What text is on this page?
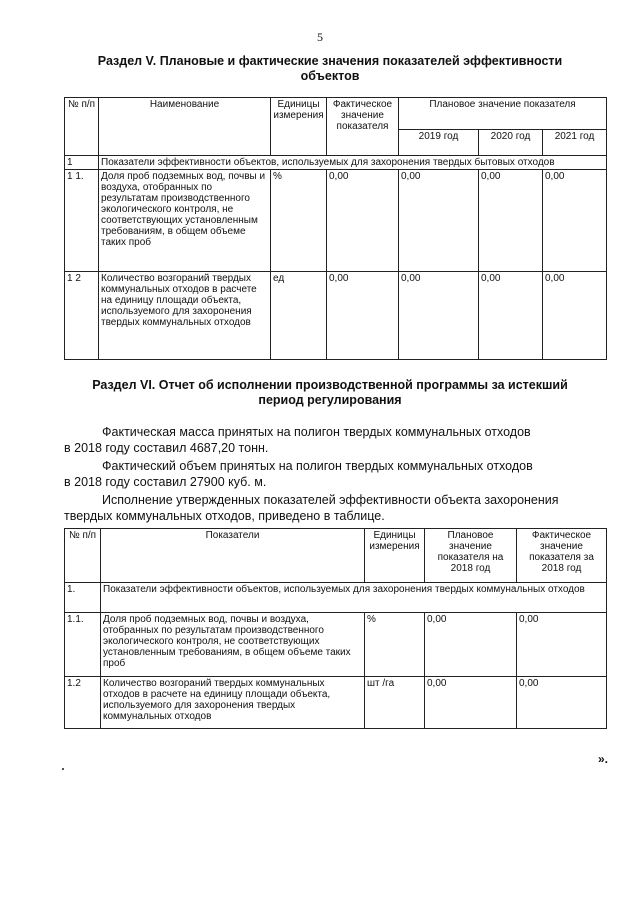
5
Раздел V. Плановые и фактические значения показателей эффективности
объектов
№ п/п	Наименование	Единицы измерения	Фактическое значение показателя	Плановое значение показателя		
				2019 год	2020 год	2021 год
1	Показатели эффективности объектов, используемых для захоронения твердых бытовых отходов					
1 1.	Доля проб подземных вод, почвы и воздуха, отобранных по результатам производственного экологического контроля, не соответствующих установленным требованиям, в общем объеме таких проб	%	0,00	0,00	0,00	0,00
1 2	Количество возгораний твердых коммунальных отходов в расчете на единицу площади объекта, используемого для захоронения твердых коммунальных отходов	ед	0,00	0,00	0,00	0,00
Раздел VI. Отчет об исполнении производственной программы за истекший
период регулирования
Фактическая масса принятых на полигон твердых коммунальных отходов
в 2018 году составил 4687,20 тонн.
Фактический объем принятых на полигон твердых коммунальных отходов
в 2018 году составил 27900 куб. м.
Исполнение утвержденных показателей эффективности объекта захоронения
твердых коммунальных отходов, приведено в таблице.
№ п/п	Показатели	Единицы измерения	Плановое значение показателя на 2018 год	Фактическое значение показателя за 2018 год
1.	Показатели эффективности объектов, используемых для захоронения твердых коммунальных отходов			
1.1.	Доля проб подземных вод, почвы и воздуха, отобранных по результатам производственного экологического контроля, не соответствующих установленным требованиям, в общем объеме таких проб	%	0,00	0,00
1.2	Количество возгораний твердых коммунальных отходов в расчете на единицу площади объекта, используемого для захоронения твердых коммунальных отходов	шт /га	0,00	0,00
».
